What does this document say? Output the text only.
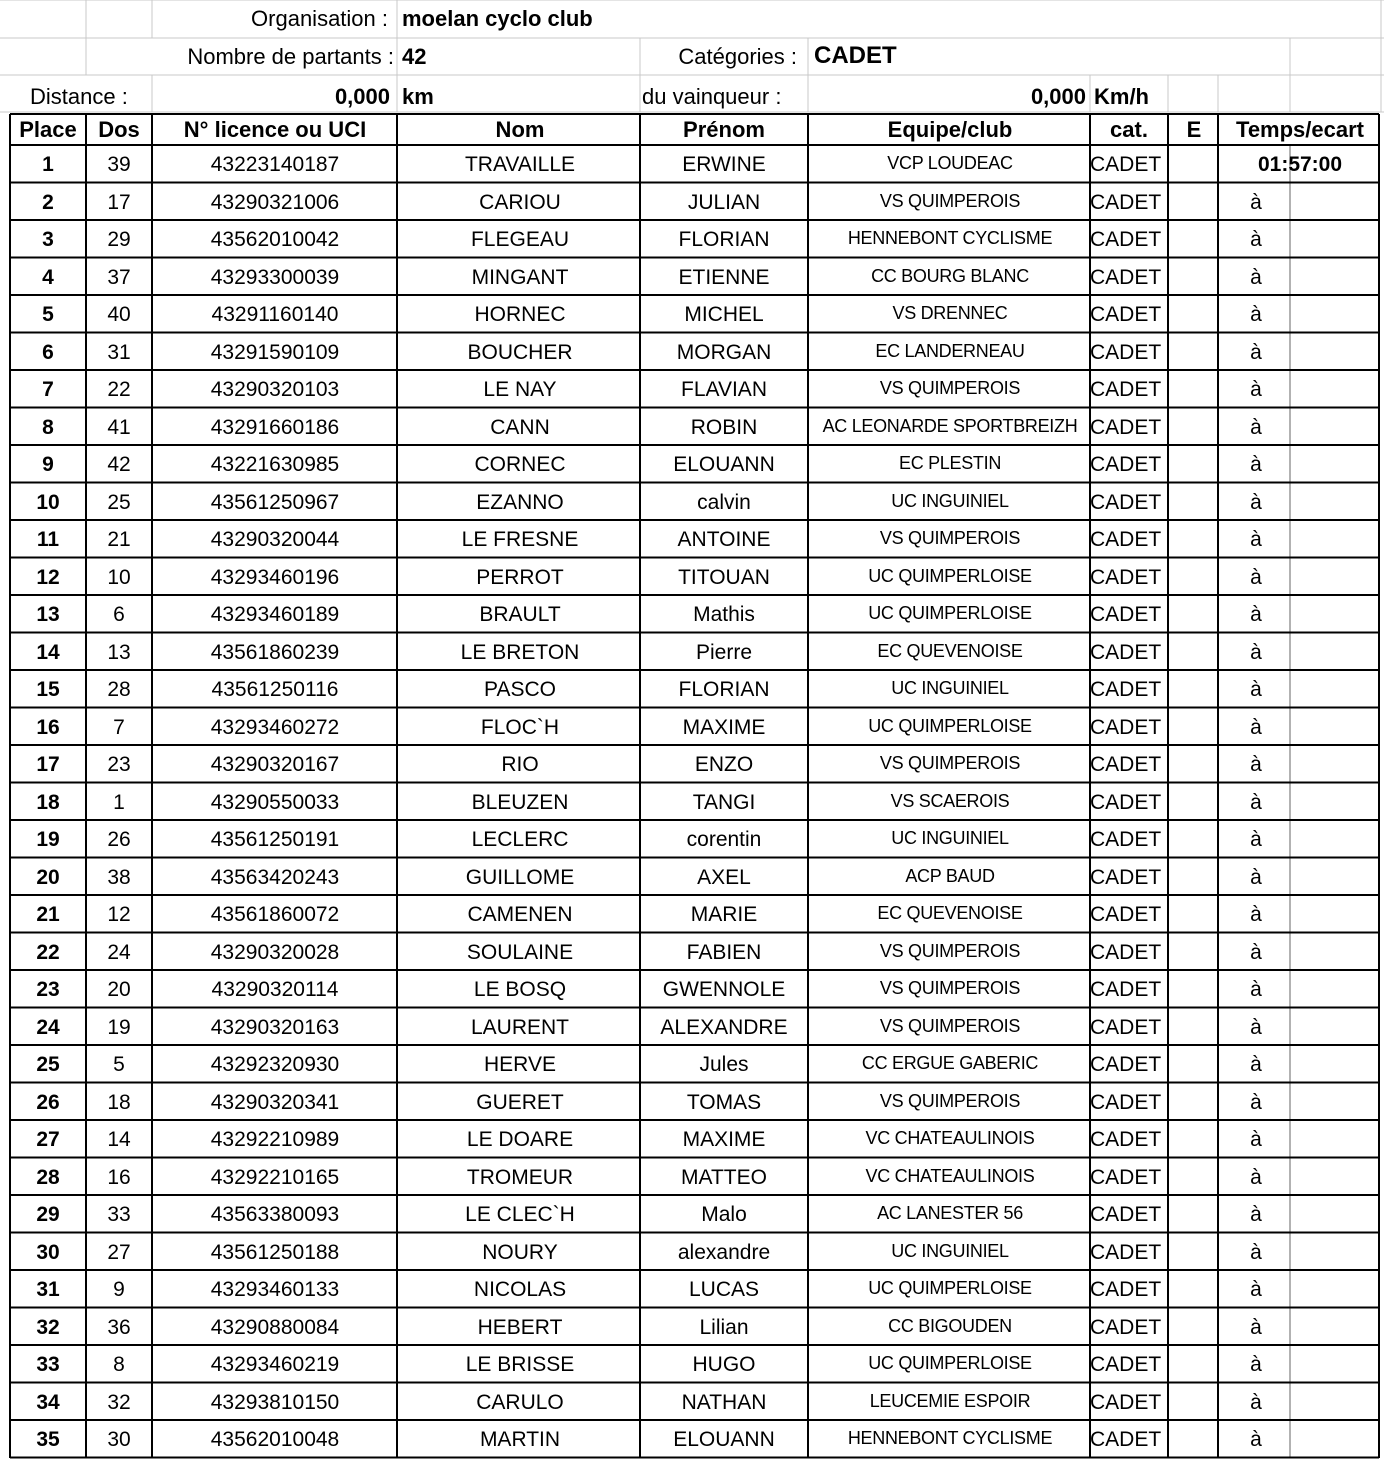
Organisation : moelan cyclo club
Nombre de partants : 42	Catégories : CADET
Distance :	0,000 km	du vainqueur :	0,000 Km/h
Place Dos N° licence ou UCI	Nom	Prénom	Equipe/club	cat. E Temps/ecart
1	39	43223140187	TRAVAILLE	ERWINE	VCP LOUDEAC	CADET	01:57:00
2	17	43290321006	CARIOU	JULIAN	VS QUIMPEROIS	CADET	à
3	29	43562010042	FLEGEAU	FLORIAN	HENNEBONT CYCLISME CADET	à
4	37	43293300039	MINGANT	ETIENNE	CC BOURG BLANC	CADET	à
5	40	43291160140	HORNEC	MICHEL	VS DRENNEC	CADET	à
6	31	43291590109	BOUCHER	MORGAN	EC LANDERNEAU	CADET	à
7	22	43290320103	LE NAY	FLAVIAN	VS QUIMPEROIS	CADET	à
8	41	43291660186	CANN	ROBIN	AC LEONARDE SPORTBREIZH CADET	à
9	42	43221630985	CORNEC	ELOUANN	EC PLESTIN	CADET	à
10 25	43561250967	EZANNO	calvin	UC INGUINIEL	CADET	à
11 21	43290320044	LE FRESNE	ANTOINE	VS QUIMPEROIS	CADET	à
12 10	43293460196	PERROT	TITOUAN	UC QUIMPERLOISE	CADET	à
13	6	43293460189	BRAULT	Mathis	UC QUIMPERLOISE	CADET	à
14 13	43561860239	LE BRETON	Pierre	EC QUEVENOISE	CADET	à
15 28	43561250116	PASCO	FLORIAN	UC INGUINIEL	CADET	à
16	7	43293460272	FLOC`H	MAXIME	UC QUIMPERLOISE	CADET	à
17 23	43290320167	RIO	ENZO	VS QUIMPEROIS	CADET	à
18	1	43290550033	BLEUZEN	TANGI	VS SCAEROIS	CADET	à
19 26	43561250191	LECLERC	corentin	UC INGUINIEL	CADET	à
20 38	43563420243	GUILLOME	AXEL	ACP BAUD	CADET	à
21 12	43561860072	CAMENEN	MARIE	EC QUEVENOISE	CADET	à
22 24	43290320028	SOULAINE	FABIEN	VS QUIMPEROIS	CADET	à
23 20	43290320114	LE BOSQ	GWENNOLE	VS QUIMPEROIS	CADET	à
24 19	43290320163	LAURENT	ALEXANDRE	VS QUIMPEROIS	CADET	à
25	5	43292320930	HERVE	Jules	CC ERGUE GABERIC CADET	à
26 18	43290320341	GUERET	TOMAS	VS QUIMPEROIS	CADET	à
27 14	43292210989	LE DOARE	MAXIME	VC CHATEAULINOIS	CADET	à
28 16	43292210165	TROMEUR	MATTEO	VC CHATEAULINOIS	CADET	à
29 33	43563380093	LE CLEC`H	Malo	AC LANESTER 56	CADET	à
30 27	43561250188	NOURY	alexandre	UC INGUINIEL	CADET	à
31	9	43293460133	NICOLAS	LUCAS	UC QUIMPERLOISE	CADET	à
32 36	43290880084	HEBERT	Lilian	CC BIGOUDEN	CADET	à
33	8	43293460219	LE BRISSE	HUGO	UC QUIMPERLOISE	CADET	à
34 32	43293810150	CARULO	NATHAN	LEUCEMIE ESPOIR	CADET	à
35 30	43562010048	MARTIN	ELOUANN	HENNEBONT CYCLISME CADET	à
